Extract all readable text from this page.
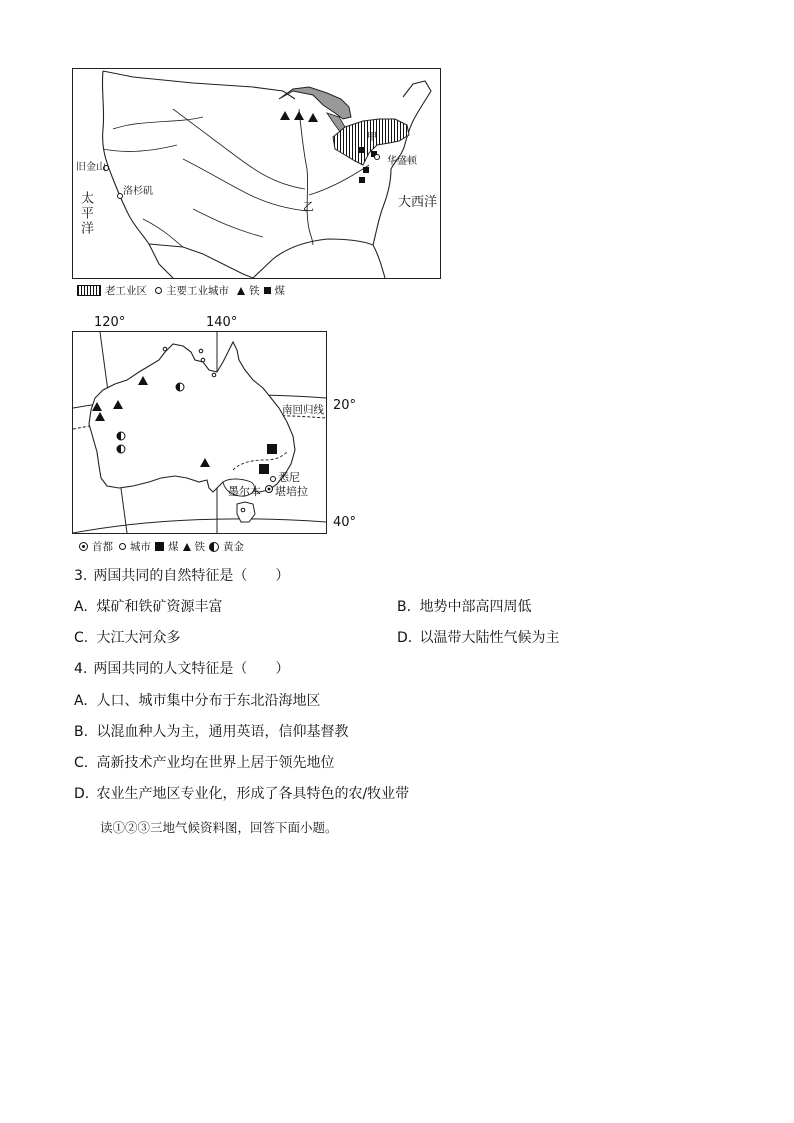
旧金山
洛杉矶
太平洋	大西洋
华盛顿
乙
甲
老工业区 主要工业城市 铁 煤
120°	140°
20°
40°
南回归线
悉尼
堪培拉
墨尔本
首都 城市 煤 铁 黄金
3. 两国共同的自然特征是（　　）
A. 煤矿和铁矿资源丰富	B. 地势中部高四周低
C. 大江大河众多	D. 以温带大陆性气候为主
4. 两国共同的人文特征是（　　）
A. 人口、城市集中分布于东北沿海地区
B. 以混血种人为主，通用英语，信仰基督教
C. 高新技术产业均在世界上居于领先地位
D. 农业生产地区专业化，形成了各具特色的农/牧业带
读①②③三地气候资料图，回答下面小题。
